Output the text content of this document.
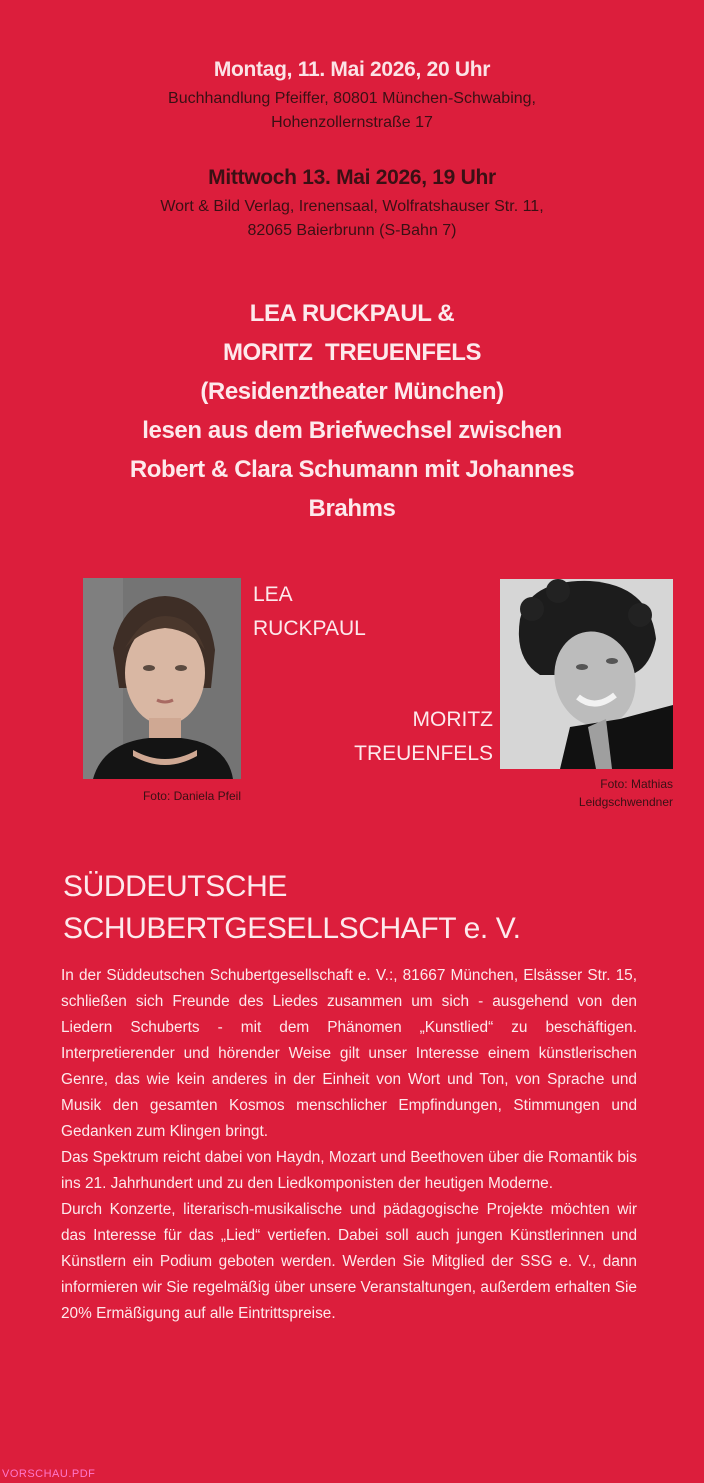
Montag, 11. Mai 2026, 20 Uhr
Buchhandlung Pfeiffer, 80801 München-Schwabing,
Hohenzollernstraße 17
Mittwoch 13. Mai 2026, 19 Uhr
Wort & Bild Verlag, Irenensaal, Wolfratshauser Str. 11,
82065 Baierbrunn (S-Bahn 7)
LEA RUCKPAUL &
MORITZ  TREUENFELS
(Residenztheater München)
lesen aus dem Briefwechsel zwischen
Robert & Clara Schumann mit Johannes
Brahms
LEA
RUCKPAUL
Foto: Daniela Pfeil
MORITZ
TREUENFELS
Foto: Mathias
Leidgschwendner
SÜDDEUTSCHE
SCHUBERTGESELLSCHAFT e. V.

In der Süddeutschen Schubertgesellschaft e. V.:, 81667 München, Elsässer Str. 15, schließen sich Freunde des Liedes zusammen um sich - ausgehend von den Liedern Schuberts - mit dem Phänomen „Kunstlied“ zu beschäftigen. Interpretierender und hörender Weise gilt unser Interesse einem künstlerischen Genre, das wie kein anderes in der Einheit von Wort und Ton, von Sprache und Musik den gesamten Kosmos menschlicher Empfindungen, Stimmungen und Gedanken zum Klingen bringt.

Das Spektrum reicht dabei von Haydn, Mozart und Beethoven über die Romantik bis ins 21. Jahrhundert und zu den Liedkomponisten der heutigen Moderne.

Durch Konzerte, literarisch-musikalische und pädagogische Projekte möchten wir das Interesse für das „Lied“ vertiefen. Dabei soll auch jungen Künstlerinnen und Künstlern ein Podium geboten werden. Werden Sie Mitglied der SSG e. V., dann informieren wir Sie regelmäßig über unsere Veranstaltungen, außerdem erhalten Sie 20% Ermäßigung auf alle Eintrittspreise.

VORSCHAU.PDF
